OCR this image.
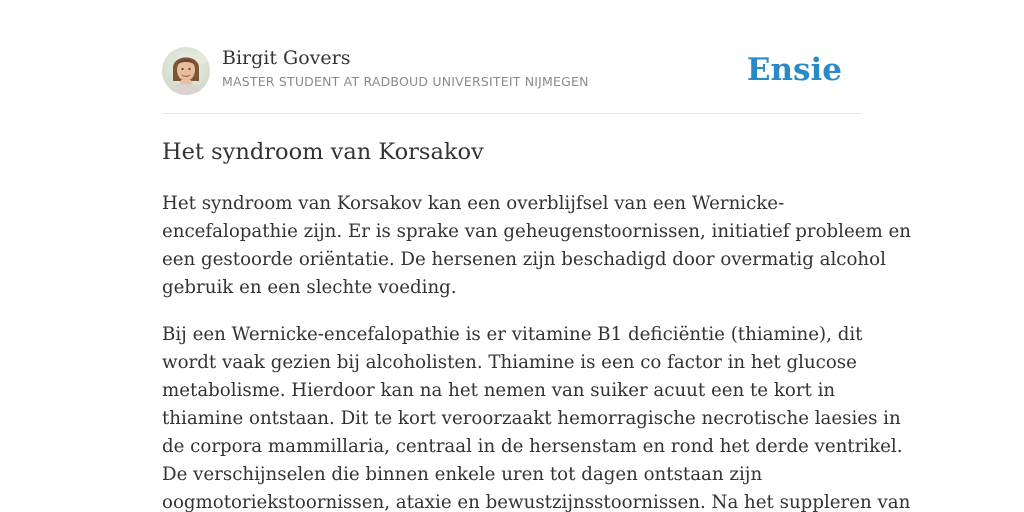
Birgit Govers
MASTER STUDENT AT RADBOUD UNIVERSITEIT NIJMEGEN	Ensie
Het syndroom van Korsakov

Het syndroom van Korsakov kan een overblijfsel van een Wernicke-
encefalopathie zijn. Er is sprake van geheugenstoornissen, initiatief probleem en
een gestoorde oriëntatie. De hersenen zijn beschadigd door overmatig alcohol
gebruik en een slechte voeding.

Bij een Wernicke-encefalopathie is er vitamine B1 deficiëntie (thiamine), dit
wordt vaak gezien bij alcoholisten. Thiamine is een co factor in het glucose
metabolisme. Hierdoor kan na het nemen van suiker acuut een te kort in
thiamine ontstaan. Dit te kort veroorzaakt hemorragische necrotische laesies in
de corpora mammillaria, centraal in de hersenstam en rond het derde ventrikel.
De verschijnselen die binnen enkele uren tot dagen ontstaan zijn
oogmotoriekstoornissen, ataxie en bewustzijnsstoornissen. Na het suppleren van
